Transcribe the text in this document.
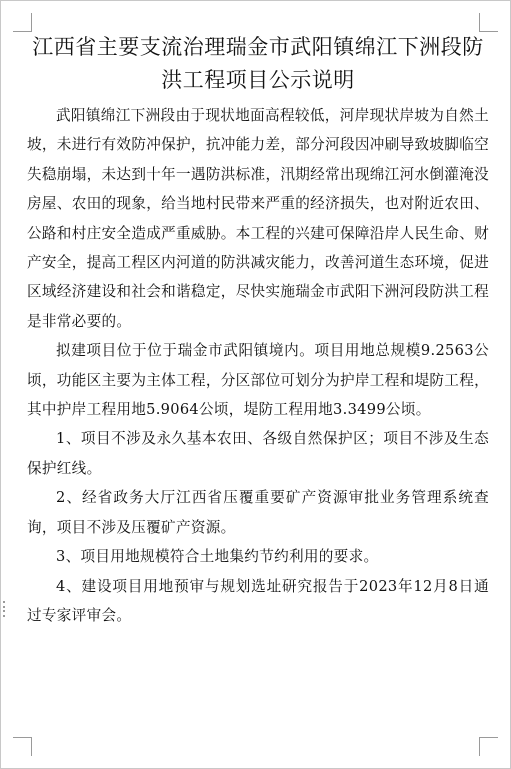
江西省主要支流治理瑞金市武阳镇绵江下洲段防洪工程项目公示说明

武阳镇绵江下洲段由于现状地面高程较低，河岸现状岸坡为自然土坡，未进行有效防冲保护，抗冲能力差，部分河段因冲刷导致坡脚临空失稳崩塌，未达到十年一遇防洪标准，汛期经常出现绵江河水倒灌淹没房屋、农田的现象，给当地村民带来严重的经济损失，也对附近农田、公路和村庄安全造成严重威胁。本工程的兴建可保障沿岸人民生命、财产安全，提高工程区内河道的防洪减灾能力，改善河道生态环境，促进区域经济建设和社会和谐稳定，尽快实施瑞金市武阳下洲河段防洪工程是非常必要的。

拟建项目位于位于瑞金市武阳镇境内。项目用地总规模9.2563公顷，功能区主要为主体工程，分区部位可划分为护岸工程和堤防工程，其中护岸工程用地5.9064公顷，堤防工程用地3.3499公顷。

1、项目不涉及永久基本农田、各级自然保护区；项目不涉及生态保护红线。

2、经省政务大厅江西省压覆重要矿产资源审批业务管理系统查询，项目不涉及压覆矿产资源。

3、项目用地规模符合土地集约节约利用的要求。

4、建设项目用地预审与规划选址研究报告于2023年12月8日通过专家评审会。
